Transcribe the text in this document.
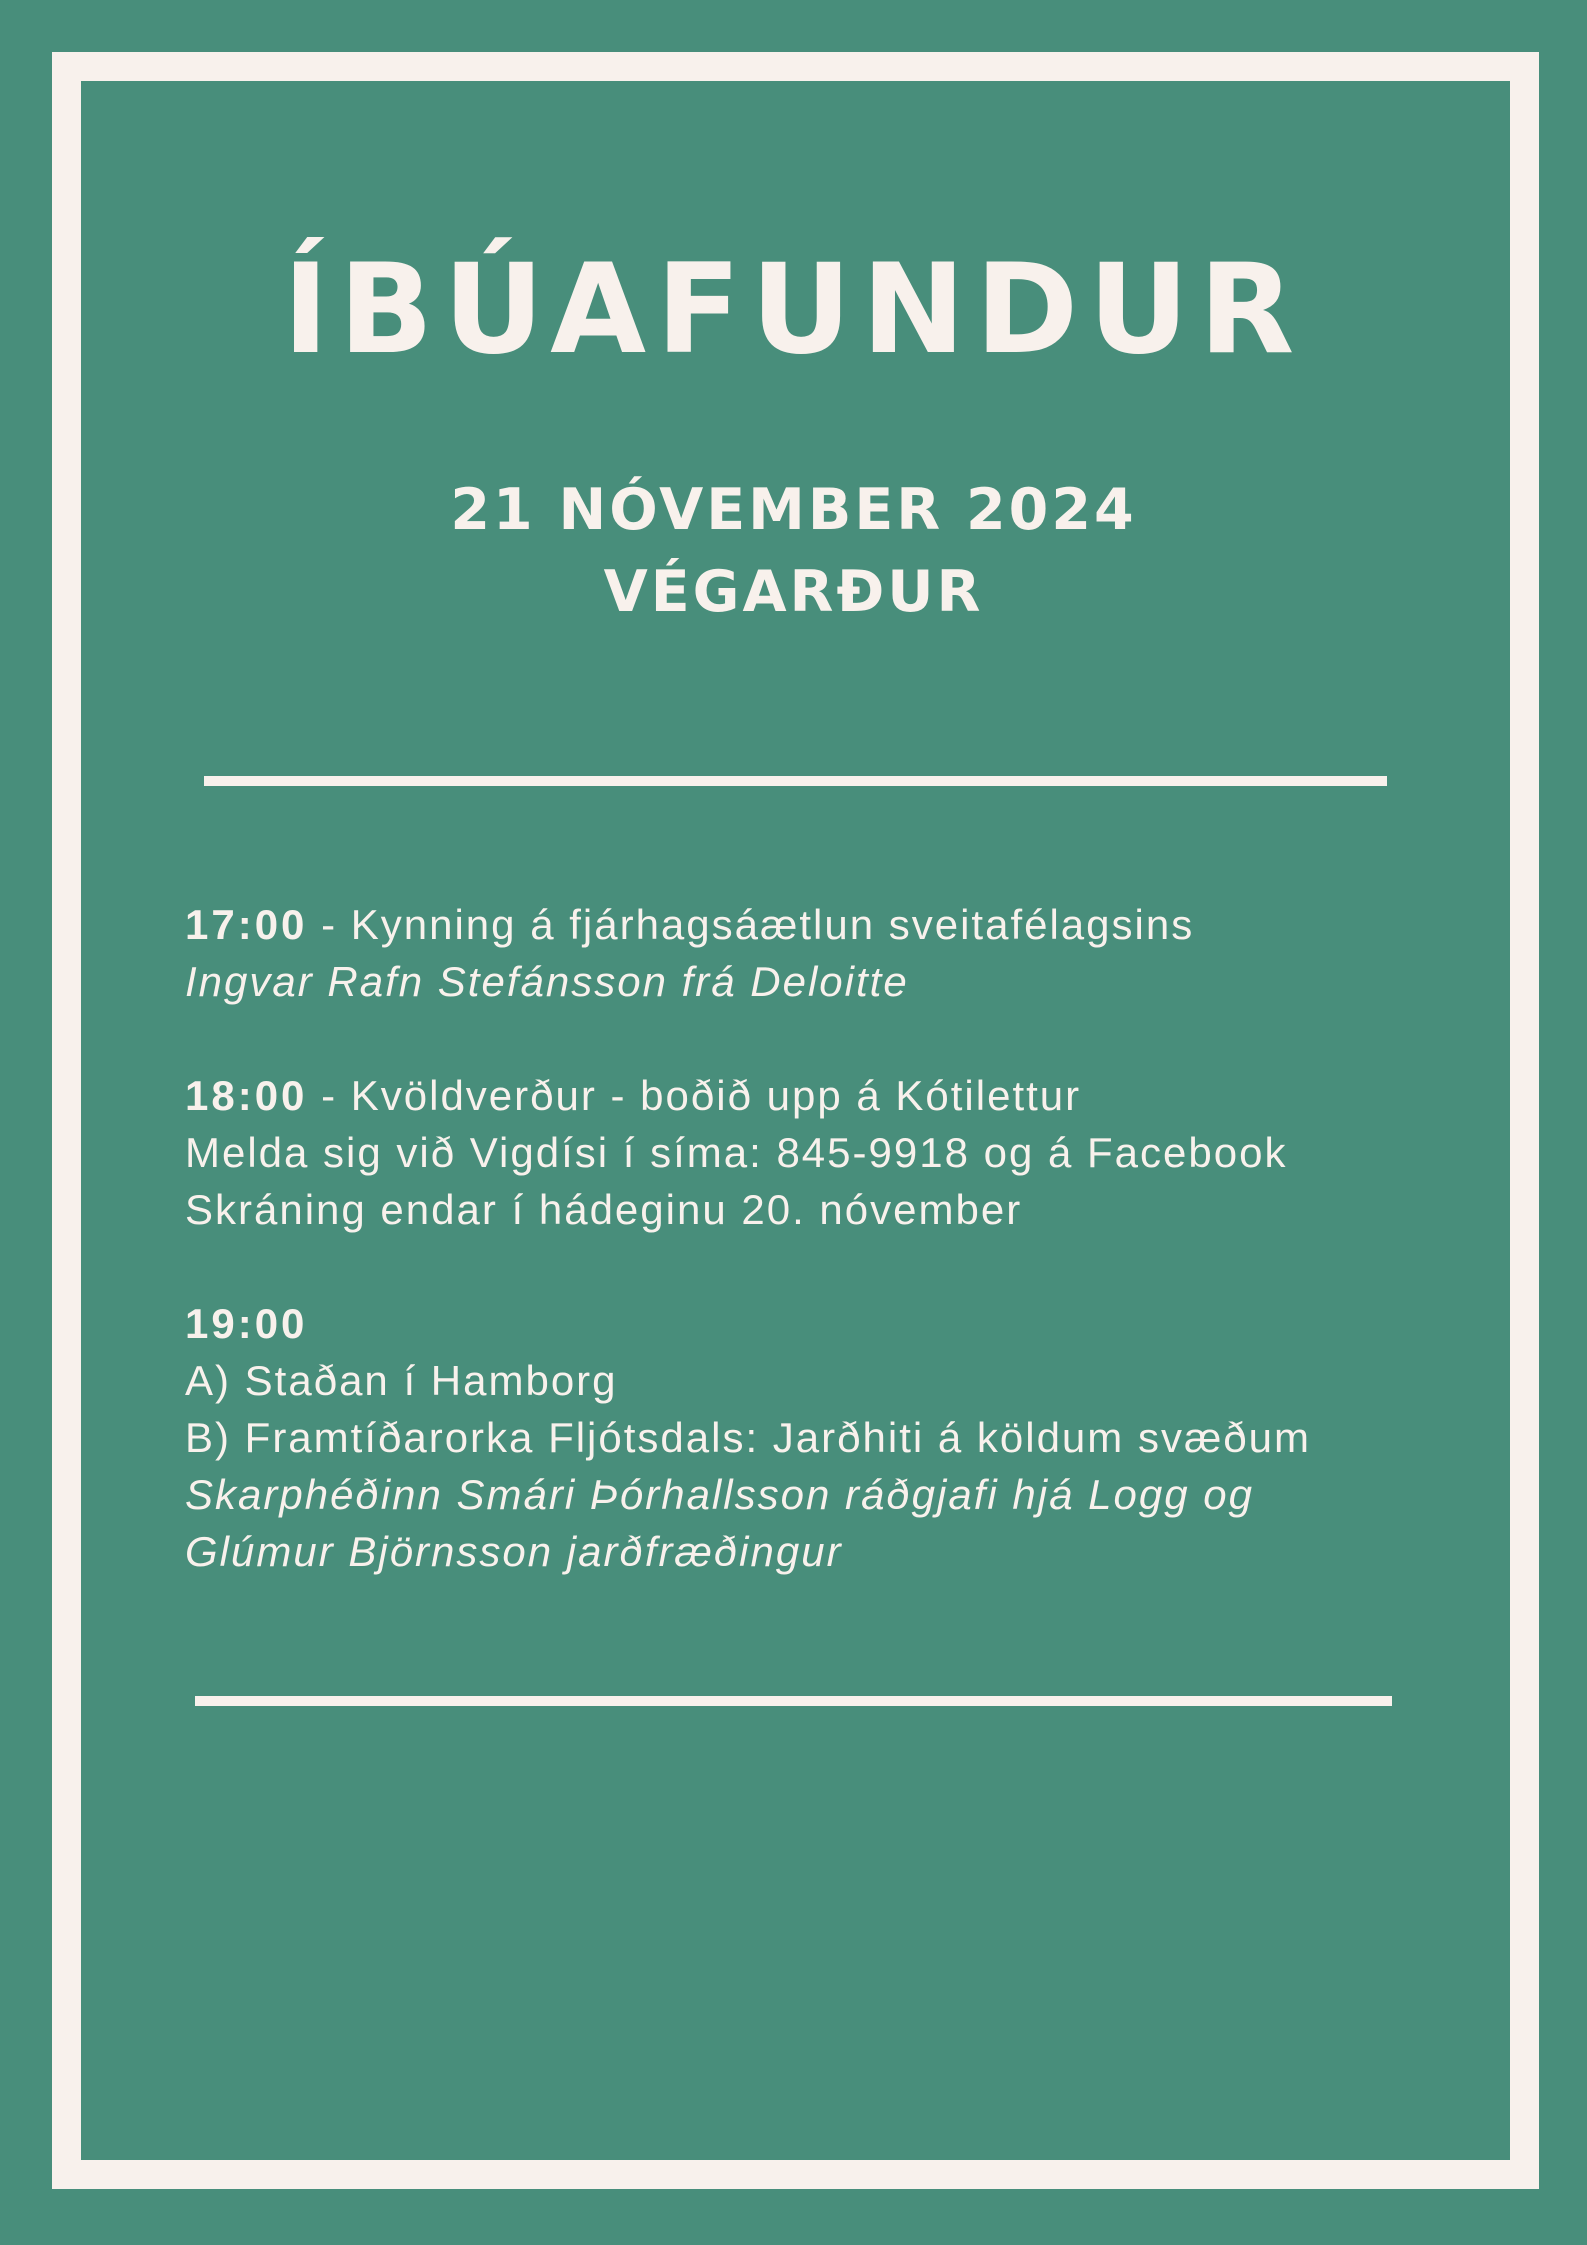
ÍBÚAFUNDUR
21 NÓVEMBER 2024
VÉGARÐUR
17:00 - Kynning á fjárhagsáætlun sveitafélagsins
Ingvar Rafn Stefánsson frá Deloitte
18:00 - Kvöldverður - boðið upp á Kótilettur
Melda sig við Vigdísi í síma: 845-9918 og á Facebook
Skráning endar í hádeginu 20. nóvember
19:00
A) Staðan í Hamborg
B) Framtíðarorka Fljótsdals: Jarðhiti á köldum svæðum
Skarphéðinn Smári Þórhallsson ráðgjafi hjá Logg og
Glúmur Björnsson jarðfræðingur
